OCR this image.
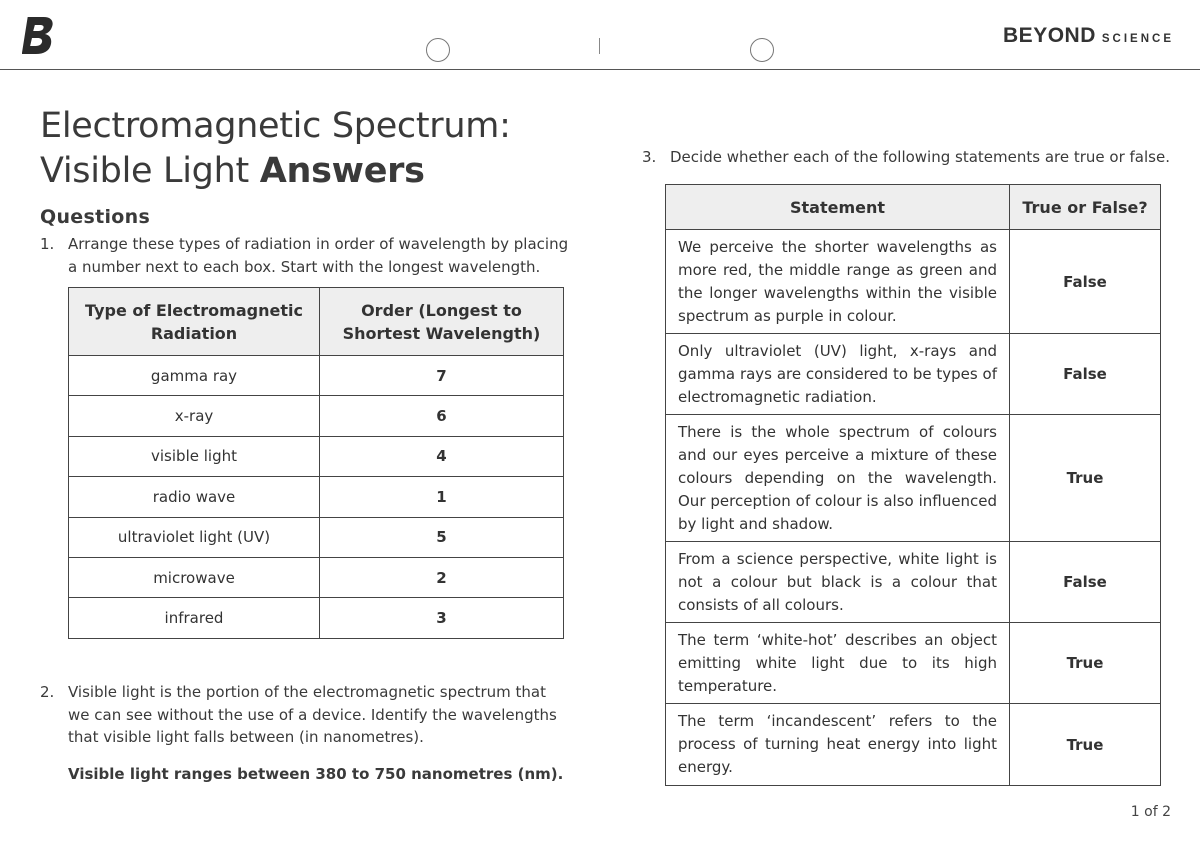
BEYOND SCIENCE
Electromagnetic Spectrum:
Visible Light Answers
Questions
1. Arrange these types of radiation in order of wavelength by placing a number next to each box. Start with the longest wavelength.
Type of Electromagnetic Radiation	Order (Longest to Shortest Wavelength)
gamma ray	7
x-ray	6
visible light	4
radio wave	1
ultraviolet light (UV)	5
microwave	2
infrared	3
2. Visible light is the portion of the electromagnetic spectrum that we can see without the use of a device. Identify the wavelengths that visible light falls between (in nanometres).
Visible light ranges between 380 to 750 nanometres (nm).
3. Decide whether each of the following statements are true or false.
Statement	True or False?
We perceive the shorter wavelengths as more red, the middle range as green and the longer wavelengths within the visible spectrum as purple in colour.	False
Only ultraviolet (UV) light, x-rays and gamma rays are considered to be types of electromagnetic radiation.	False
There is the whole spectrum of colours and our eyes perceive a mixture of these colours depending on the wavelength. Our perception of colour is also influenced by light and shadow.	True
From a science perspective, white light is not a colour but black is a colour that consists of all colours.	False
The term ‘white-hot’ describes an object emitting white light due to its high temperature.	True
The term ‘incandescent’ refers to the process of turning heat energy into light energy.	True
1 of 2
